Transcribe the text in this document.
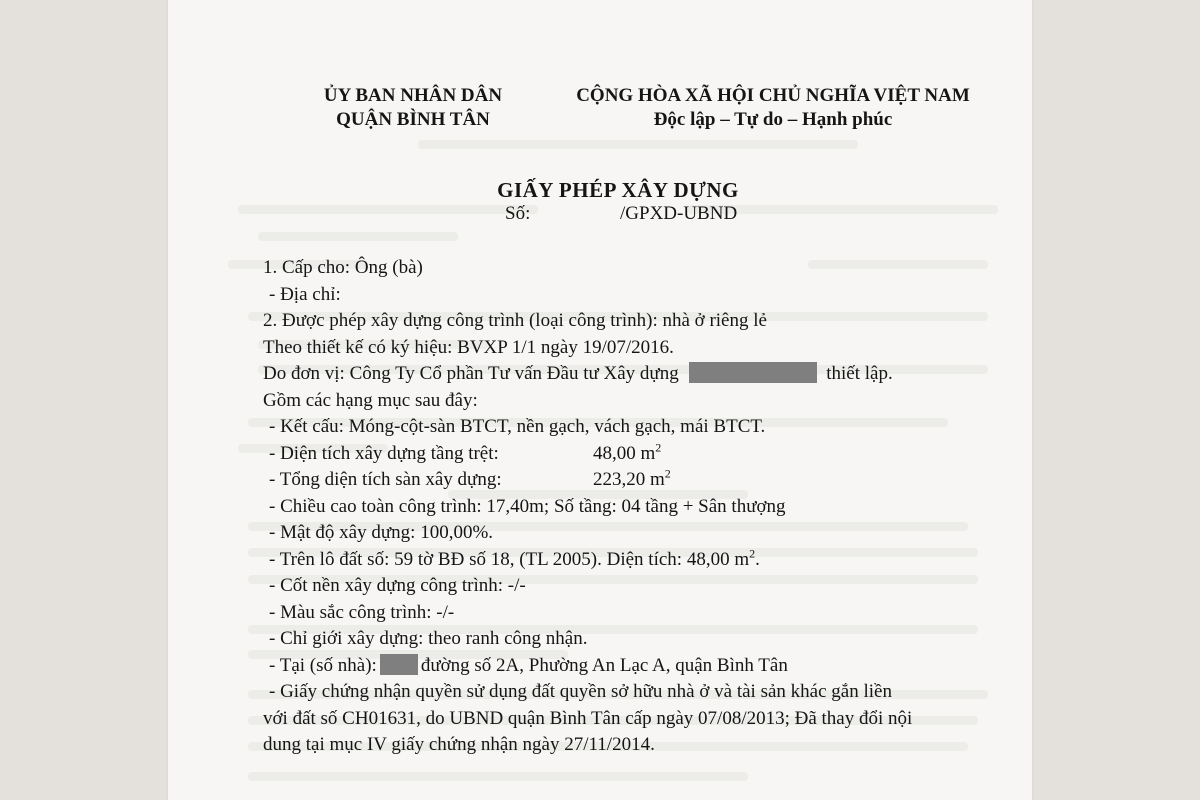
ỦY BAN NHÂN DÂN
QUẬN BÌNH TÂN
CỘNG HÒA XÃ HỘI CHỦ NGHĨA VIỆT NAM
Độc lập – Tự do – Hạnh phúc
GIẤY PHÉP XÂY DỰNG
Số:	/GPXD-UBND
1. Cấp cho: Ông (bà)
- Địa chỉ:
2. Được phép xây dựng công trình (loại công trình): nhà ở riêng lẻ
Theo thiết kế có ký hiệu: BVXP 1/1 ngày 19/07/2016.
Do đơn vị: Công Ty Cổ phần Tư vấn Đầu tư Xây dựng	thiết lập.
Gồm các hạng mục sau đây:
- Kết cấu: Móng-cột-sàn BTCT, nền gạch, vách gạch, mái BTCT.
- Diện tích xây dựng tầng trệt:	48,00 $m^2$
- Tổng diện tích sàn xây dựng:	223,20 $m^2$
- Chiều cao toàn công trình: 17,40m; Số tầng: 04 tầng + Sân thượng
- Mật độ xây dựng: 100,00%.
- Trên lô đất số: 59 tờ BĐ số 18, (TL 2005). Diện tích: 48,00 $m^2$.
- Cốt nền xây dựng công trình: -/-
- Màu sắc công trình: -/-
- Chỉ giới xây dựng: theo ranh công nhận.
- Tại (số nhà): đường số 2A, Phường An Lạc A, quận Bình Tân
- Giấy chứng nhận quyền sử dụng đất quyền sở hữu nhà ở và tài sản khác gắn liền
với đất số CH01631, do UBND quận Bình Tân cấp ngày 07/08/2013; Đã thay đổi nội
dung tại mục IV giấy chứng nhận ngày 27/11/2014.
